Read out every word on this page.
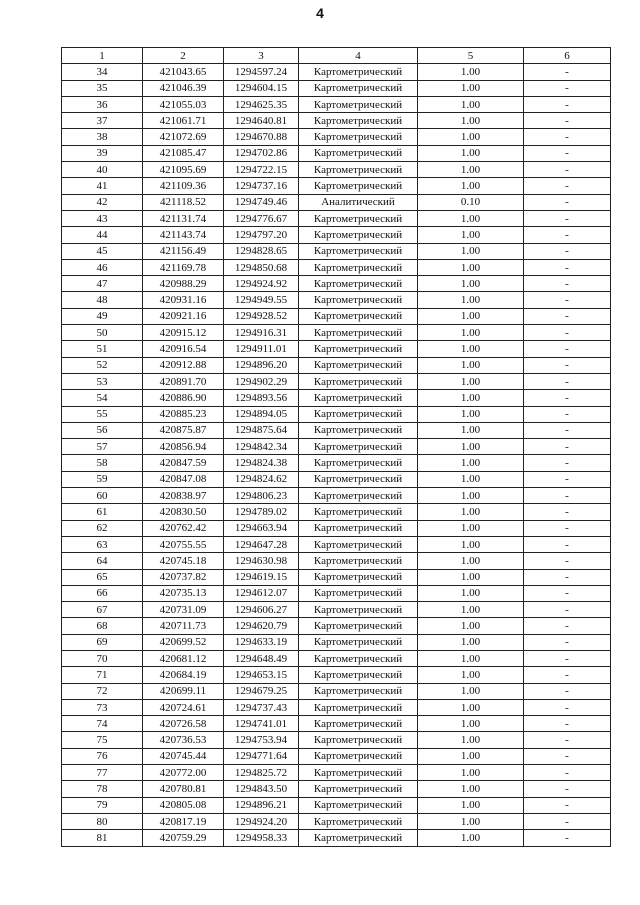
4
1	2	3	4	5	6
34	421043.65	1294597.24	Картометрический	1.00	-
35	421046.39	1294604.15	Картометрический	1.00	-
36	421055.03	1294625.35	Картометрический	1.00	-
37	421061.71	1294640.81	Картометрический	1.00	-
38	421072.69	1294670.88	Картометрический	1.00	-
39	421085.47	1294702.86	Картометрический	1.00	-
40	421095.69	1294722.15	Картометрический	1.00	-
41	421109.36	1294737.16	Картометрический	1.00	-
42	421118.52	1294749.46	Аналитический	0.10	-
43	421131.74	1294776.67	Картометрический	1.00	-
44	421143.74	1294797.20	Картометрический	1.00	-
45	421156.49	1294828.65	Картометрический	1.00	-
46	421169.78	1294850.68	Картометрический	1.00	-
47	420988.29	1294924.92	Картометрический	1.00	-
48	420931.16	1294949.55	Картометрический	1.00	-
49	420921.16	1294928.52	Картометрический	1.00	-
50	420915.12	1294916.31	Картометрический	1.00	-
51	420916.54	1294911.01	Картометрический	1.00	-
52	420912.88	1294896.20	Картометрический	1.00	-
53	420891.70	1294902.29	Картометрический	1.00	-
54	420886.90	1294893.56	Картометрический	1.00	-
55	420885.23	1294894.05	Картометрический	1.00	-
56	420875.87	1294875.64	Картометрический	1.00	-
57	420856.94	1294842.34	Картометрический	1.00	-
58	420847.59	1294824.38	Картометрический	1.00	-
59	420847.08	1294824.62	Картометрический	1.00	-
60	420838.97	1294806.23	Картометрический	1.00	-
61	420830.50	1294789.02	Картометрический	1.00	-
62	420762.42	1294663.94	Картометрический	1.00	-
63	420755.55	1294647.28	Картометрический	1.00	-
64	420745.18	1294630.98	Картометрический	1.00	-
65	420737.82	1294619.15	Картометрический	1.00	-
66	420735.13	1294612.07	Картометрический	1.00	-
67	420731.09	1294606.27	Картометрический	1.00	-
68	420711.73	1294620.79	Картометрический	1.00	-
69	420699.52	1294633.19	Картометрический	1.00	-
70	420681.12	1294648.49	Картометрический	1.00	-
71	420684.19	1294653.15	Картометрический	1.00	-
72	420699.11	1294679.25	Картометрический	1.00	-
73	420724.61	1294737.43	Картометрический	1.00	-
74	420726.58	1294741.01	Картометрический	1.00	-
75	420736.53	1294753.94	Картометрический	1.00	-
76	420745.44	1294771.64	Картометрический	1.00	-
77	420772.00	1294825.72	Картометрический	1.00	-
78	420780.81	1294843.50	Картометрический	1.00	-
79	420805.08	1294896.21	Картометрический	1.00	-
80	420817.19	1294924.20	Картометрический	1.00	-
81	420759.29	1294958.33	Картометрический	1.00	-
